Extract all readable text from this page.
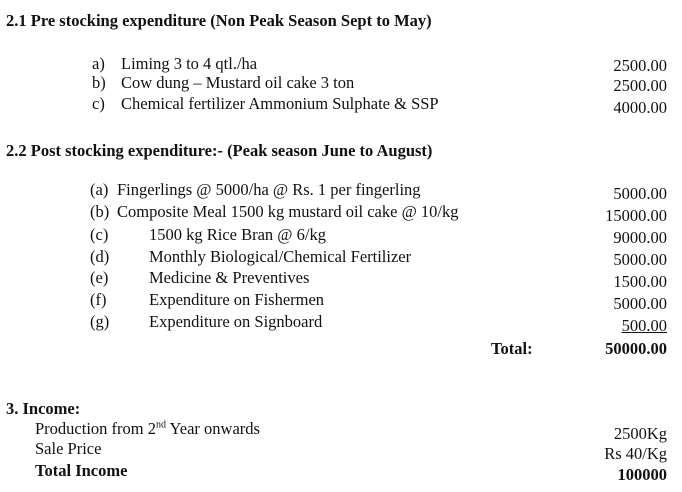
2.1 Pre stocking expenditure (Non Peak Season Sept to May)
a) Liming 3 to 4 qtl./ha	2500.00
b) Cow dung – Mustard oil cake 3 ton	2500.00
c) Chemical fertilizer Ammonium Sulphate & SSP	4000.00
2.2 Post stocking expenditure:- (Peak season June to August)
(a) Fingerlings @ 5000/ha @ Rs. 1 per fingerling	5000.00
(b) Composite Meal 1500 kg mustard oil cake @ 10/kg	15000.00
(c) 1500 kg Rice Bran @ 6/kg	9000.00
(d) Monthly Biological/Chemical Fertilizer	5000.00
(e) Medicine & Preventives	1500.00
(f)	Expenditure on Fishermen	5000.00
(g) Expenditure on Signboard	500.00
Total:	50000.00
3. Income:
Production from 2nd Year onwards	2500Kg
Sale Price	Rs 40/Kg
Total Income	100000
